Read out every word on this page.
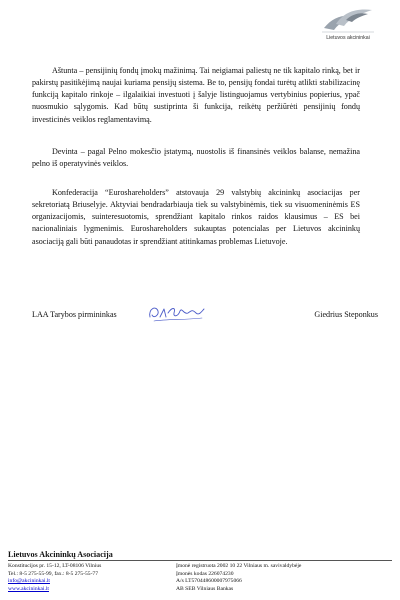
Lietuvos akcininkai

Aštunta – pensijinių fondų įmokų mažinimą. Tai neigiamai paliestų ne tik kapitalo rinką, bet ir pakirstų pasitikėjimą naujai kuriama pensijų sistema. Be to, pensijų fondai turėtų atlikti stabilizacinę funkciją kapitalo rinkoje – ilgalaikiai investuoti į šalyje listinguojamus vertybinius popierius, ypač nuosmukio sąlygomis. Kad būtų sustiprinta ši funkcija, reikėtų peržiūrėti pensijinių fondų investicinės veiklos reglamentavimą.

Devinta – pagal Pelno mokesčio įstatymą, nuostolis iš finansinės veiklos balanse, nemažina pelno iš operatyvinės veiklos.

Konfederacija “Euroshareholders” atstovauja 29 valstybių akcininkų asociacijas per sekretoriatą Briuselyje. Aktyviai bendradarbiauja tiek su valstybinėmis, tiek su visuomeninėmis ES organizacijomis, suinteresuotomis, sprendžiant kapitalo rinkos raidos klausimus – ES bei nacionaliniais lygmenimis. Euroshareholders sukauptas potencialas per Lietuvos akcininkų asociaciją gali būti panaudotas ir sprendžiant atitinkamas problemas Lietuvoje.

LAA Tarybos pirmininkas	Giedrius Steponkus
Lietuvos Akcininkų Asociacija
Konstitucijos pr. 15-12, LT-08106 Vilnius
Tel.: 8-5 275-55-99, fax.: 8-5 275-55-77
info@akcininkai.lt
www.akcininkai.lt
Įmonė registruota 2002 10 22 Vilniaus m. savivaldybėje
Įmonės kodas 226074230
A/s LT570448600007975066
AB SEB Vilniaus Bankas
